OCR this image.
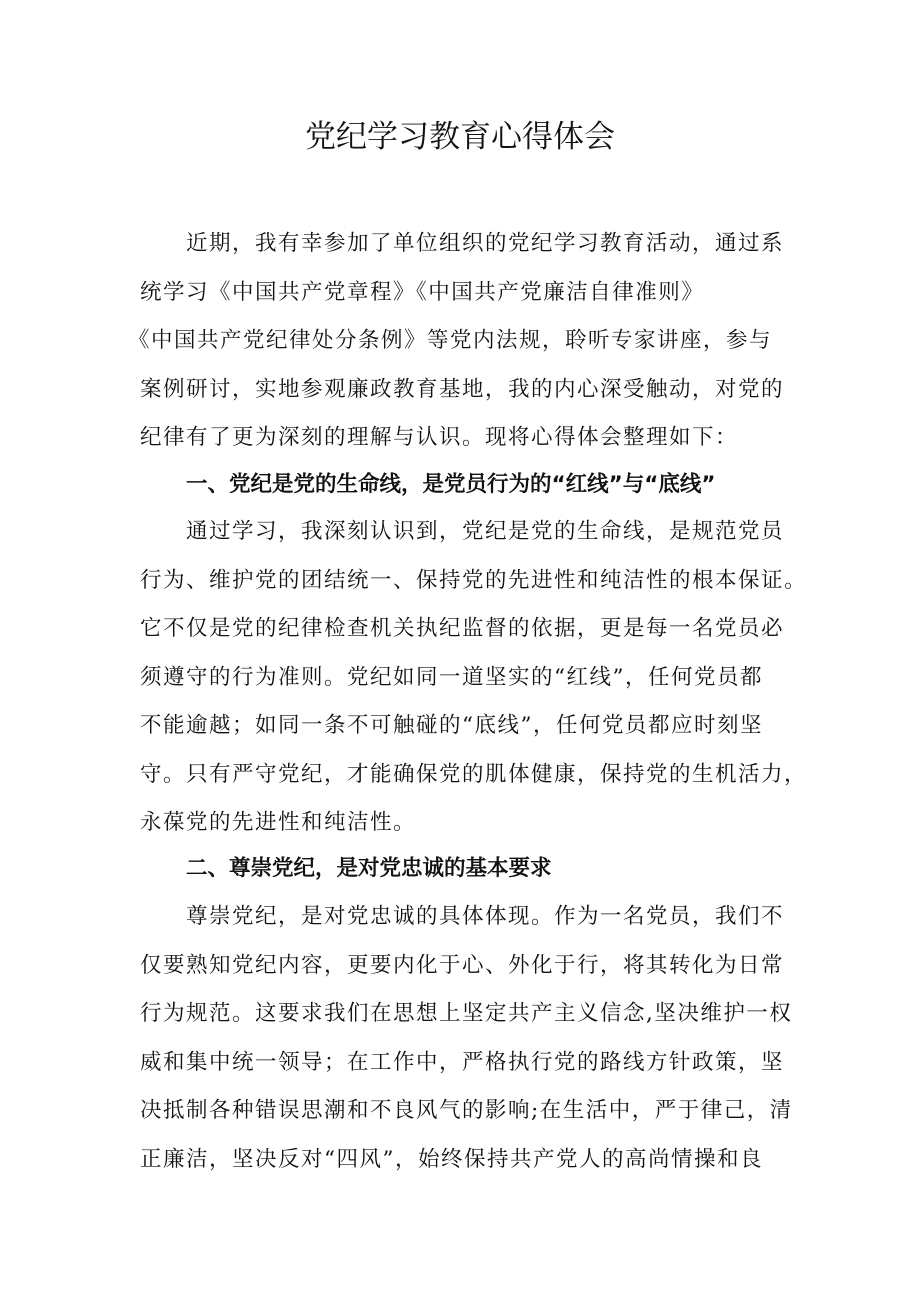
党纪学习教育心得体会
近期，我有幸参加了单位组织的党纪学习教育活动，通过系
统学习《中国共产党章程》《中国共产党廉洁自律准则》
《中国共产党纪律处分条例》等党内法规，聆听专家讲座，参与
案例研讨，实地参观廉政教育基地，我的内心深受触动，对党的
纪律有了更为深刻的理解与认识。现将心得体会整理如下：
一、党纪是党的生命线，是党员行为的“红线”与“底线”
通过学习，我深刻认识到，党纪是党的生命线，是规范党员
行为、维护党的团结统一、保持党的先进性和纯洁性的根本保证。
它不仅是党的纪律检查机关执纪监督的依据，更是每一名党员必
须遵守的行为准则。党纪如同一道坚实的“红线”，任何党员都
不能逾越；如同一条不可触碰的“底线”，任何党员都应时刻坚
守。只有严守党纪，才能确保党的肌体健康，保持党的生机活力，
永葆党的先进性和纯洁性。
二、尊崇党纪，是对党忠诚的基本要求
尊崇党纪，是对党忠诚的具体体现。作为一名党员，我们不
仅要熟知党纪内容，更要内化于心、外化于行，将其转化为日常
行为规范。这要求我们在思想上坚定共产主义信念,坚决维护一权
威和集中统一领导；在工作中，严格执行党的路线方针政策，坚
决抵制各种错误思潮和不良风气的影响;在生活中，严于律己，清
正廉洁，坚决反对“四风”，始终保持共产党人的高尚情操和良
